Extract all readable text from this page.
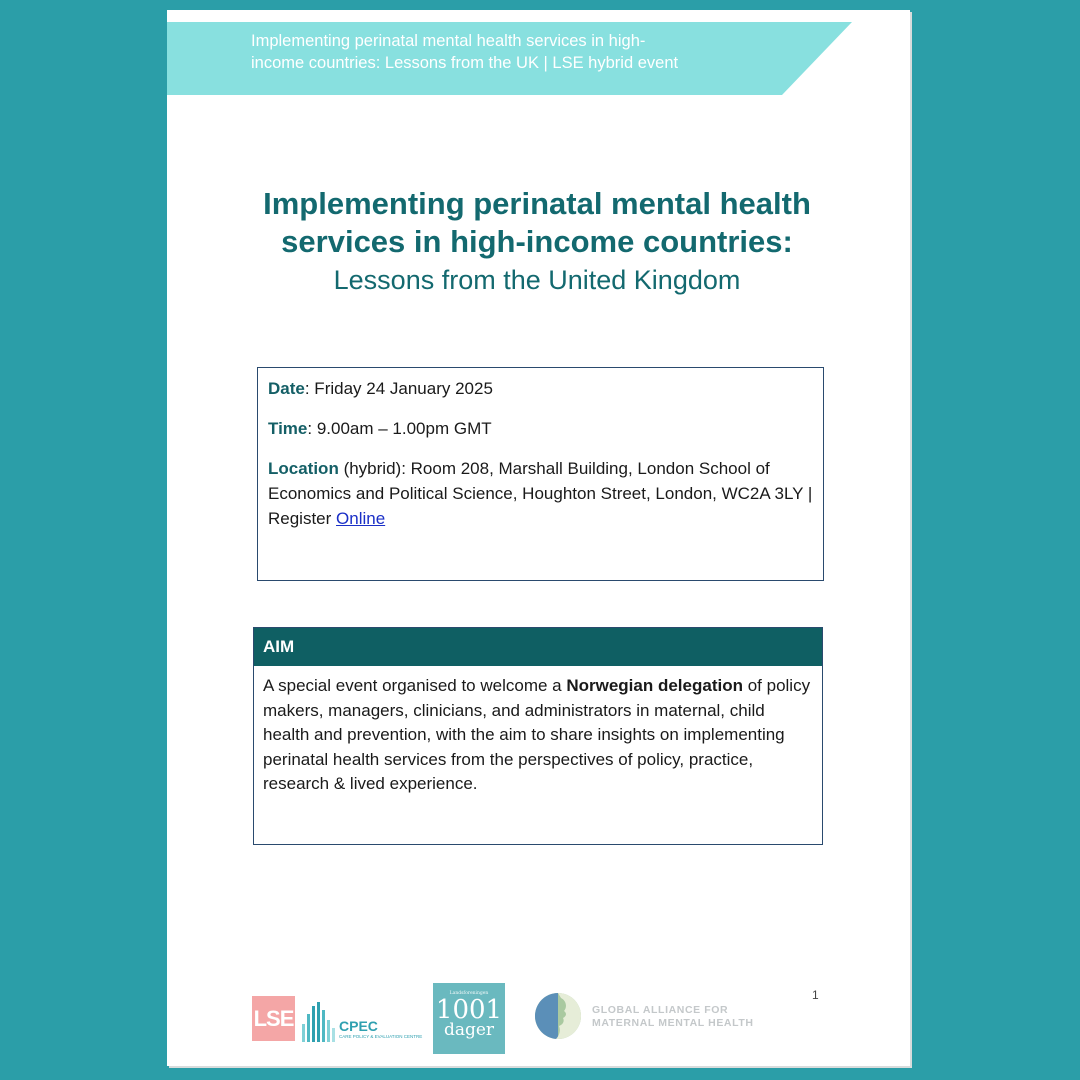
Implementing perinatal mental health services in high-
income countries: Lessons from the UK | LSE hybrid event
Implementing perinatal mental health
services in high-income countries:
Lessons from the United Kingdom

Date: Friday 24 January 2025

Time: 9.00am – 1.00pm GMT

Location (hybrid): Room 208, Marshall Building, London School of Economics and Political Science, Houghton Street, London, WC2A 3LY | Register Online

AIM
A special event organised to welcome a Norwegian delegation of policy makers, managers, clinicians, and administrators in maternal, child health and prevention, with the aim to share insights on implementing perinatal health services from the perspectives of policy, practice, research & lived experience.
1
LSE	CPEC
CARE POLICY & EVALUATION CENTRE
Landsforeningen
1001
dager
GLOBAL ALLIANCE FOR
MATERNAL MENTAL HEALTH
